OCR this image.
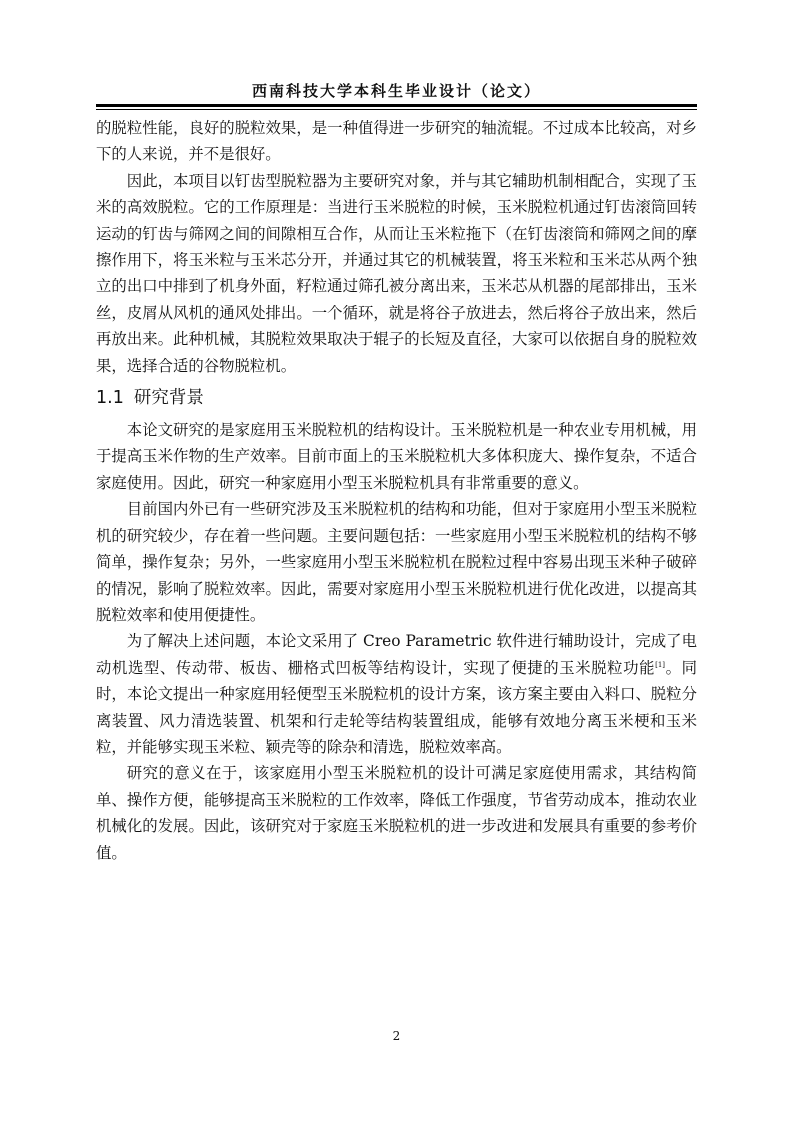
西南科技大学本科生毕业设计（论文）

的脱粒性能，良好的脱粒效果，是一种值得进一步研究的轴流辊。不过成本比较高，对乡下的人来说，并不是很好。

因此，本项目以钉齿型脱粒器为主要研究对象，并与其它辅助机制相配合，实现了玉米的高效脱粒。它的工作原理是：当进行玉米脱粒的时候，玉米脱粒机通过钉齿滚筒回转运动的钉齿与筛网之间的间隙相互合作，从而让玉米粒拖下（在钉齿滚筒和筛网之间的摩擦作用下，将玉米粒与玉米芯分开，并通过其它的机械装置，将玉米粒和玉米芯从两个独立的出口中排到了机身外面，籽粒通过筛孔被分离出来，玉米芯从机器的尾部排出，玉米丝，皮屑从风机的通风处排出。一个循环，就是将谷子放进去，然后将谷子放出来，然后再放出来。此种机械，其脱粒效果取决于辊子的长短及直径，大家可以依据自身的脱粒效果，选择合适的谷物脱粒机。

1.1 研究背景

本论文研究的是家庭用玉米脱粒机的结构设计。玉米脱粒机是一种农业专用机械，用于提高玉米作物的生产效率。目前市面上的玉米脱粒机大多体积庞大、操作复杂，不适合家庭使用。因此，研究一种家庭用小型玉米脱粒机具有非常重要的意义。

目前国内外已有一些研究涉及玉米脱粒机的结构和功能，但对于家庭用小型玉米脱粒机的研究较少，存在着一些问题。主要问题包括：一些家庭用小型玉米脱粒机的结构不够简单，操作复杂；另外，一些家庭用小型玉米脱粒机在脱粒过程中容易出现玉米种子破碎的情况，影响了脱粒效率。因此，需要对家庭用小型玉米脱粒机进行优化改进，以提高其脱粒效率和使用便捷性。

为了解决上述问题，本论文采用了 Creo Parametric 软件进行辅助设计，完成了电动机选型、传动带、板齿、栅格式凹板等结构设计，实现了便捷的玉米脱粒功能[1]。同时，本论文提出一种家庭用轻便型玉米脱粒机的设计方案，该方案主要由入料口、脱粒分离装置、风力清选装置、机架和行走轮等结构装置组成，能够有效地分离玉米梗和玉米粒，并能够实现玉米粒、颖壳等的除杂和清选，脱粒效率高。

研究的意义在于，该家庭用小型玉米脱粒机的设计可满足家庭使用需求，其结构简单、操作方便，能够提高玉米脱粒的工作效率，降低工作强度，节省劳动成本，推动农业机械化的发展。因此，该研究对于家庭玉米脱粒机的进一步改进和发展具有重要的参考价值。

2
